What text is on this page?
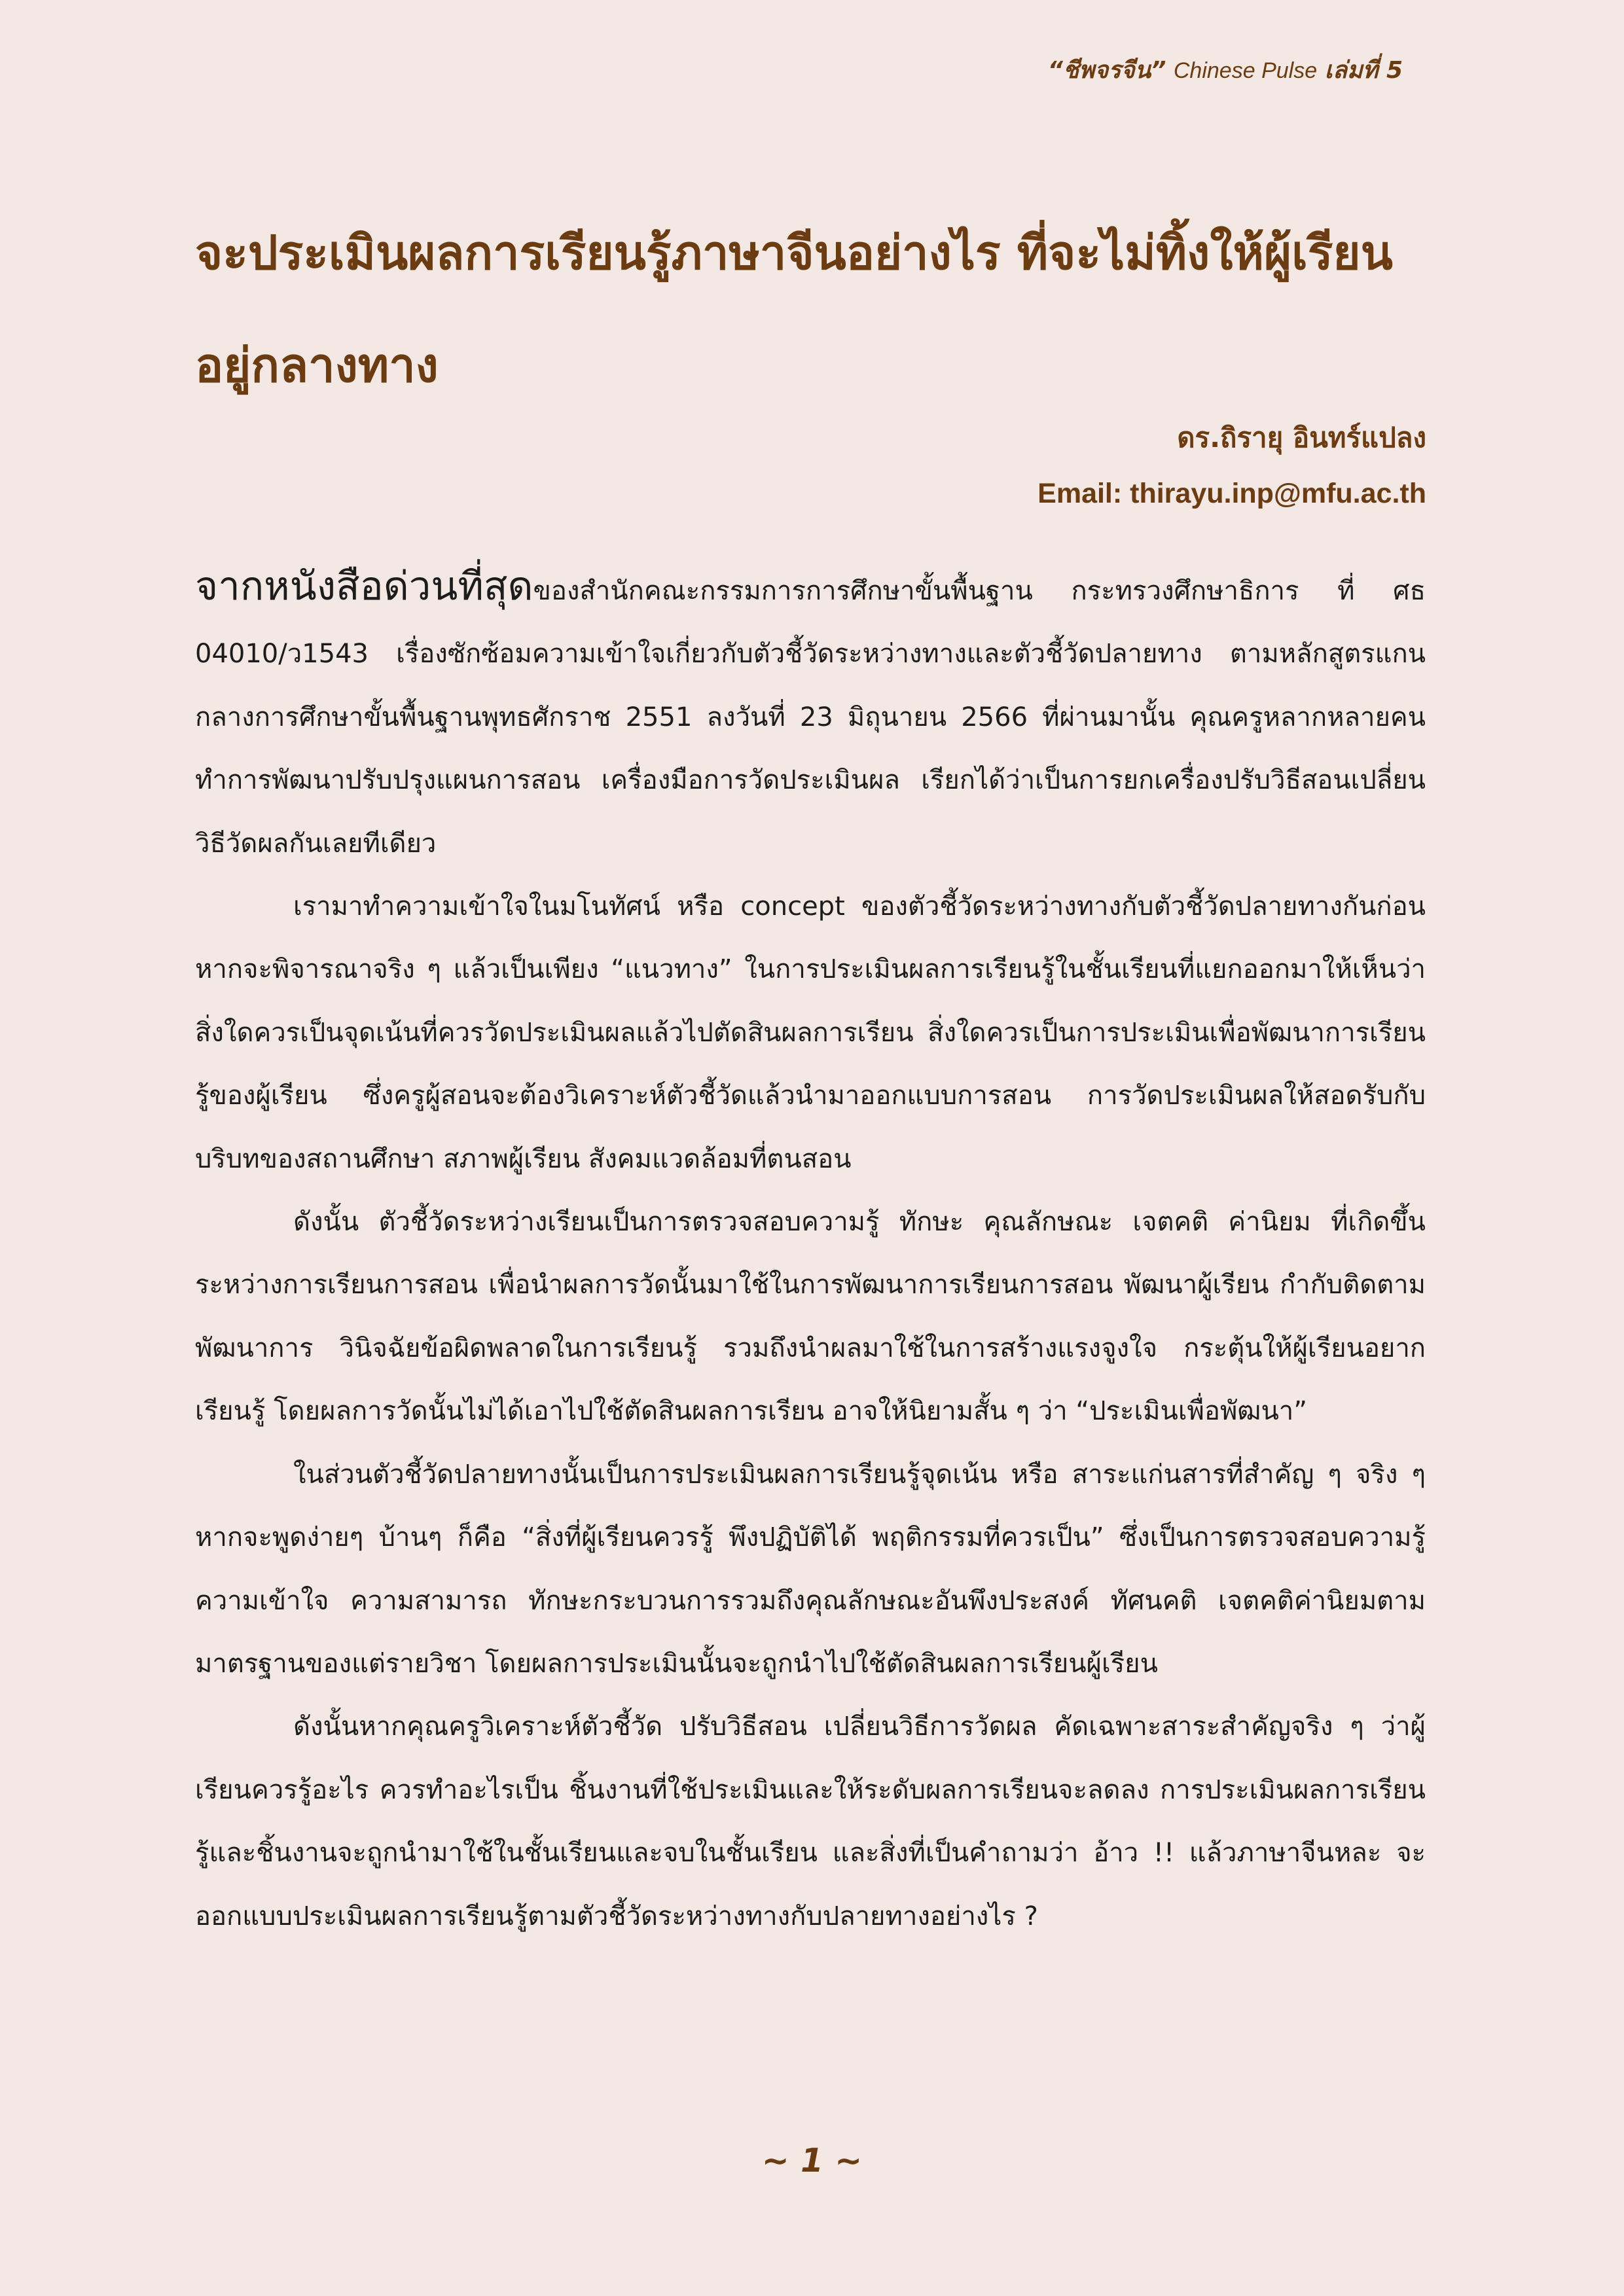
“ชีพจรจีน” Chinese Pulse เล่มที่ 5
จะประเมินผลการเรียนรู้ภาษาจีนอย่างไร ที่จะไม่ทิ้งให้ผู้เรียนอยู่กลางทาง
ดร.ถิรายุ อินทร์แปลง
Email: thirayu.inp@mfu.ac.th

จากหนังสือด่วนที่สุดของสำนักคณะกรรมการการศึกษาขั้นพื้นฐาน กระทรวงศึกษาธิการ ที่ ศธ 04010/ว1543 เรื่องซักซ้อมความเข้าใจเกี่ยวกับตัวชี้วัดระหว่างทางและตัวชี้วัดปลายทาง ตามหลักสูตรแกนกลางการศึกษาขั้นพื้นฐานพุทธศักราช 2551 ลงวันที่ 23 มิถุนายน 2566 ที่ผ่านมานั้น คุณครูหลากหลายคนทำการพัฒนาปรับปรุงแผนการสอน เครื่องมือการวัดประเมินผล เรียกได้ว่าเป็นการยกเครื่องปรับวิธีสอนเปลี่ยนวิธีวัดผลกันเลยทีเดียว

เรามาทำความเข้าใจในมโนทัศน์ หรือ concept ของตัวชี้วัดระหว่างทางกับตัวชี้วัดปลายทางกันก่อน หากจะพิจารณาจริง ๆ แล้วเป็นเพียง “แนวทาง” ในการประเมินผลการเรียนรู้ในชั้นเรียนที่แยกออกมาให้เห็นว่า สิ่งใดควรเป็นจุดเน้นที่ควรวัดประเมินผลแล้วไปตัดสินผลการเรียน สิ่งใดควรเป็นการประเมินเพื่อพัฒนาการเรียนรู้ของผู้เรียน ซึ่งครูผู้สอนจะต้องวิเคราะห์ตัวชี้วัดแล้วนำมาออกแบบการสอน การวัดประเมินผลให้สอดรับกับบริบทของสถานศึกษา สภาพผู้เรียน สังคมแวดล้อมที่ตนสอน

ดังนั้น ตัวชี้วัดระหว่างเรียนเป็นการตรวจสอบความรู้ ทักษะ คุณลักษณะ เจตคติ ค่านิยม ที่เกิดขึ้นระหว่างการเรียนการสอน เพื่อนำผลการวัดนั้นมาใช้ในการพัฒนาการเรียนการสอน พัฒนาผู้เรียน กำกับติดตามพัฒนาการ วินิจฉัยข้อผิดพลาดในการเรียนรู้ รวมถึงนำผลมาใช้ในการสร้างแรงจูงใจ กระตุ้นให้ผู้เรียนอยากเรียนรู้ โดยผลการวัดนั้นไม่ได้เอาไปใช้ตัดสินผลการเรียน อาจให้นิยามสั้น ๆ ว่า “ประเมินเพื่อพัฒนา”

ในส่วนตัวชี้วัดปลายทางนั้นเป็นการประเมินผลการเรียนรู้จุดเน้น หรือ สาระแก่นสารที่สำคัญ ๆ จริง ๆ หากจะพูดง่ายๆ บ้านๆ ก็คือ “สิ่งที่ผู้เรียนควรรู้ พึงปฏิบัติได้ พฤติกรรมที่ควรเป็น” ซึ่งเป็นการตรวจสอบความรู้ ความเข้าใจ ความสามารถ ทักษะกระบวนการรวมถึงคุณลักษณะอันพึงประสงค์ ทัศนคติ เจตคติค่านิยมตามมาตรฐานของแต่รายวิชา โดยผลการประเมินนั้นจะถูกนำไปใช้ตัดสินผลการเรียนผู้เรียน

ดังนั้นหากคุณครูวิเคราะห์ตัวชี้วัด ปรับวิธีสอน เปลี่ยนวิธีการวัดผล คัดเฉพาะสาระสำคัญจริง ๆ ว่าผู้เรียนควรรู้อะไร ควรทำอะไรเป็น ชิ้นงานที่ใช้ประเมินและให้ระดับผลการเรียนจะลดลง การประเมินผลการเรียนรู้และชิ้นงานจะถูกนำมาใช้ในชั้นเรียนและจบในชั้นเรียน และสิ่งที่เป็นคำถามว่า อ้าว !! แล้วภาษาจีนหละ จะออกแบบประเมินผลการเรียนรู้ตามตัวชี้วัดระหว่างทางกับปลายทางอย่างไร ?

~ 1 ~
